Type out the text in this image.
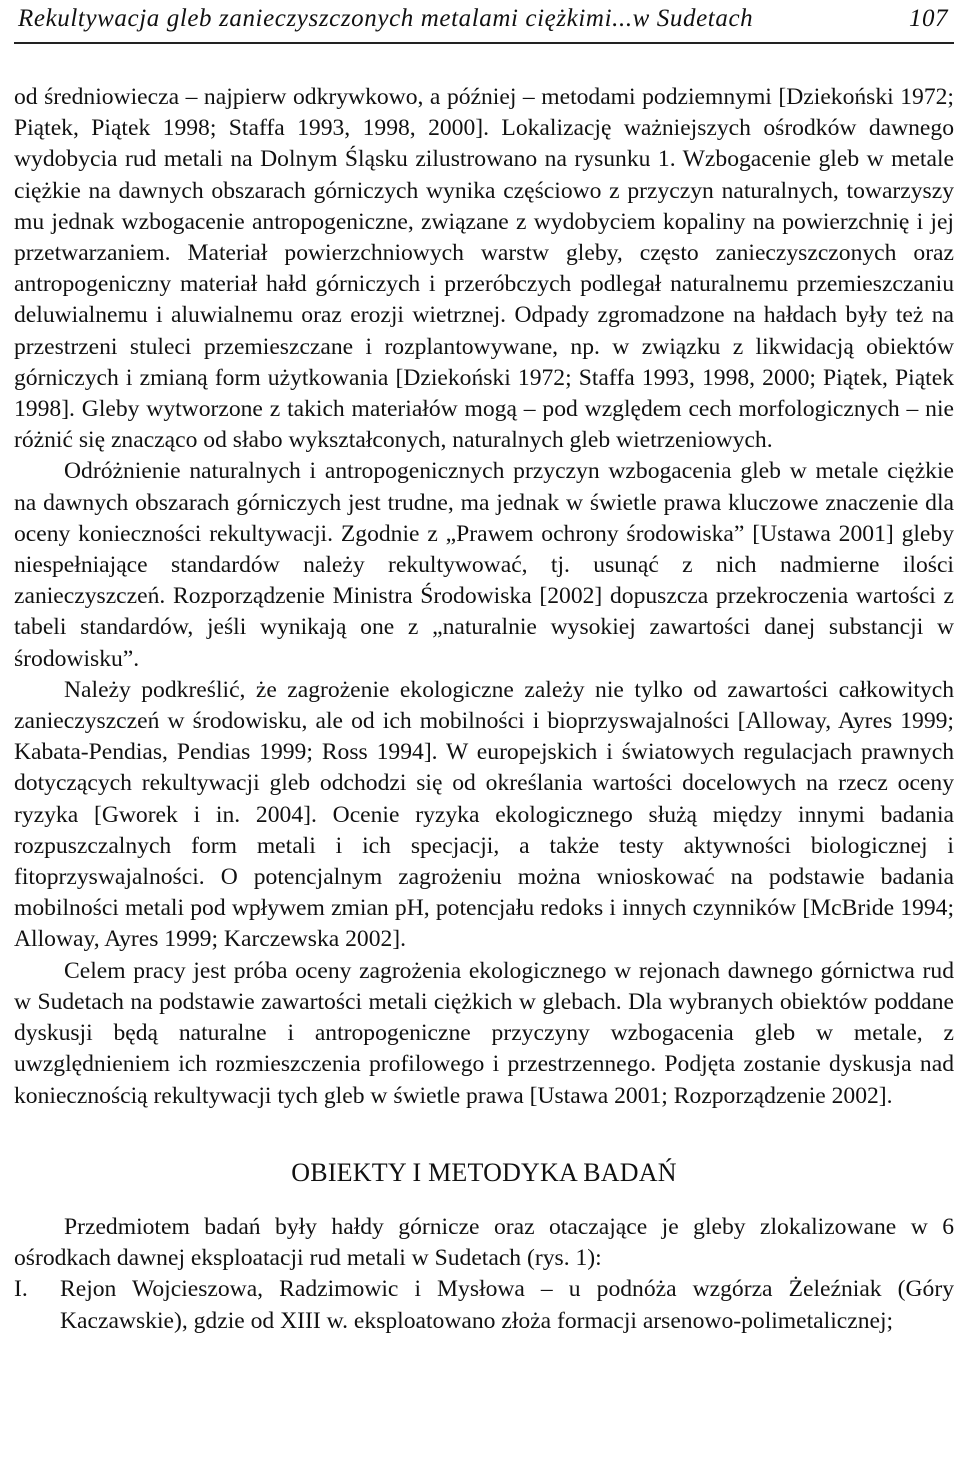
Rekultywacja gleb zanieczyszczonych metalami ciężkimi...w Sudetach	107

od średniowiecza – najpierw odkrywkowo, a później – metodami podziemnymi [Dziekoński 1972; Piątek, Piątek 1998; Staffa 1993, 1998, 2000]. Lokalizację ważniejszych ośrodków dawnego wydobycia rud metali na Dolnym Śląsku zilustrowano na rysunku 1. Wzbogacenie gleb w metale ciężkie na dawnych obszarach górniczych wynika częściowo z przyczyn naturalnych, towarzyszy mu jednak wzbogacenie antropogeniczne, związane z wydobyciem kopaliny na powierzchnię i jej przetwarzaniem. Materiał powierzchniowych warstw gleby, często zanieczyszczonych oraz antropogeniczny materiał hałd górniczych i przeróbczych podlegał naturalnemu przemieszczaniu deluwialnemu i aluwialnemu oraz erozji wietrznej. Odpady zgromadzone na hałdach były też na przestrzeni stuleci przemieszczane i rozplantowywane, np. w związku z likwidacją obiektów górniczych i zmianą form użytkowania [Dziekoński 1972; Staffa 1993, 1998, 2000; Piątek, Piątek 1998]. Gleby wytworzone z takich materiałów mogą – pod względem cech morfologicznych – nie różnić się znacząco od słabo wykształconych, naturalnych gleb wietrzeniowych.

Odróżnienie naturalnych i antropogenicznych przyczyn wzbogacenia gleb w metale ciężkie na dawnych obszarach górniczych jest trudne, ma jednak w świetle prawa kluczowe znaczenie dla oceny konieczności rekultywacji. Zgodnie z „Prawem ochrony środowiska” [Ustawa 2001] gleby niespełniające standardów należy rekultywować, tj. usunąć z nich nadmierne ilości zanieczyszczeń. Rozporządzenie Ministra Środowiska [2002] dopuszcza przekroczenia wartości z tabeli standardów, jeśli wynikają one z „naturalnie wysokiej zawartości danej substancji w środowisku”.

Należy podkreślić, że zagrożenie ekologiczne zależy nie tylko od zawartości całkowitych zanieczyszczeń w środowisku, ale od ich mobilności i bioprzyswajalności [Alloway, Ayres 1999; Kabata-Pendias, Pendias 1999; Ross 1994]. W europejskich i światowych regulacjach prawnych dotyczących rekultywacji gleb odchodzi się od określania wartości docelowych na rzecz oceny ryzyka [Gworek i in. 2004]. Ocenie ryzyka ekologicznego służą między innymi badania rozpuszczalnych form metali i ich specjacji, a także testy aktywności biologicznej i fitoprzyswajalności. O potencjalnym zagrożeniu można wnioskować na podstawie badania mobilności metali pod wpływem zmian pH, potencjału redoks i innych czynników [McBride 1994; Alloway, Ayres 1999; Karczewska 2002].

Celem pracy jest próba oceny zagrożenia ekologicznego w rejonach dawnego górnictwa rud w Sudetach na podstawie zawartości metali ciężkich w glebach. Dla wybranych obiektów poddane dyskusji będą naturalne i antropogeniczne przyczyny wzbogacenia gleb w metale, z uwzględnieniem ich rozmieszczenia profilowego i przestrzennego. Podjęta zostanie dyskusja nad koniecznością rekultywacji tych gleb w świetle prawa [Ustawa 2001; Rozporządzenie 2002].

OBIEKTY I METODYKA BADAŃ

Przedmiotem badań były hałdy górnicze oraz otaczające je gleby zlokalizowane w 6 ośrodkach dawnej eksploatacji rud metali w Sudetach (rys. 1):

I.	Rejon Wojcieszowa, Radzimowic i Mysłowa – u podnóża wzgórza Żeleźniak (Góry Kaczawskie), gdzie od XIII w. eksploatowano złoża formacji arsenowo-polimetalicznej;
